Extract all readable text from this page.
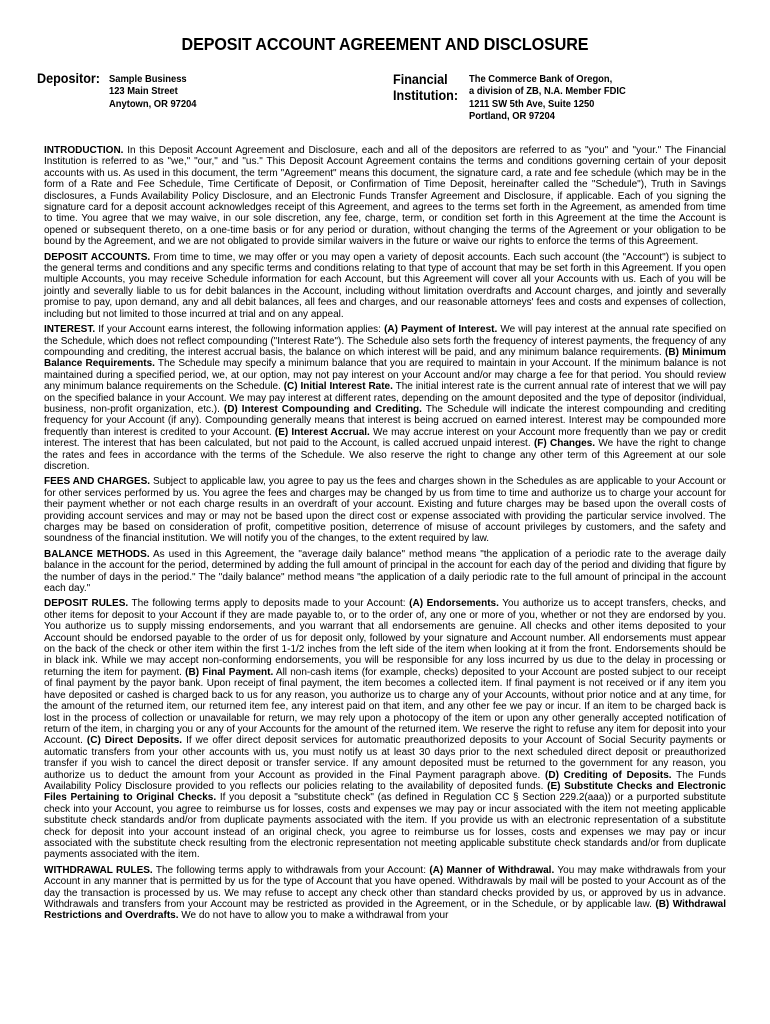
DEPOSIT ACCOUNT AGREEMENT AND DISCLOSURE
Depositor: Sample Business
123 Main Street
Anytown, OR 97204
Financial
Institution:
The Commerce Bank of Oregon,
a division of ZB, N.A. Member FDIC
1211 SW 5th Ave, Suite 1250
Portland, OR 97204

INTRODUCTION. In this Deposit Account Agreement and Disclosure, each and all of the depositors are referred to as "you" and "your." The Financial Institution is referred to as "we," "our," and "us." This Deposit Account Agreement contains the terms and conditions governing certain of your deposit accounts with us. As used in this document, the term "Agreement" means this document, the signature card, a rate and fee schedule (which may be in the form of a Rate and Fee Schedule, Time Certificate of Deposit, or Confirmation of Time Deposit, hereinafter called the "Schedule"), Truth in Savings disclosures, a Funds Availability Policy Disclosure, and an Electronic Funds Transfer Agreement and Disclosure, if applicable. Each of you signing the signature card for a deposit account acknowledges receipt of this Agreement, and agrees to the terms set forth in the Agreement, as amended from time to time. You agree that we may waive, in our sole discretion, any fee, charge, term, or condition set forth in this Agreement at the time the Account is opened or subsequent thereto, on a one-time basis or for any period or duration, without changing the terms of the Agreement or your obligation to be bound by the Agreement, and we are not obligated to provide similar waivers in the future or waive our rights to enforce the terms of this Agreement.

DEPOSIT ACCOUNTS. From time to time, we may offer or you may open a variety of deposit accounts. Each such account (the "Account") is subject to the general terms and conditions and any specific terms and conditions relating to that type of account that may be set forth in this Agreement. If you open multiple Accounts, you may receive Schedule information for each Account, but this Agreement will cover all your Accounts with us. Each of you will be jointly and severally liable to us for debit balances in the Account, including without limitation overdrafts and Account charges, and jointly and severally promise to pay, upon demand, any and all debit balances, all fees and charges, and our reasonable attorneys' fees and costs and expenses of collection, including but not limited to those incurred at trial and on any appeal.

INTEREST. If your Account earns interest, the following information applies: (A) Payment of Interest. We will pay interest at the annual rate specified on the Schedule, which does not reflect compounding ("Interest Rate"). The Schedule also sets forth the frequency of interest payments, the frequency of any compounding and crediting, the interest accrual basis, the balance on which interest will be paid, and any minimum balance requirements. (B) Minimum Balance Requirements. The Schedule may specify a minimum balance that you are required to maintain in your Account. If the minimum balance is not maintained during a specified period, we, at our option, may not pay interest on your Account and/or may charge a fee for that period. You should review any minimum balance requirements on the Schedule. (C) Initial Interest Rate. The initial interest rate is the current annual rate of interest that we will pay on the specified balance in your Account. We may pay interest at different rates, depending on the amount deposited and the type of depositor (individual, business, non-profit organization, etc.). (D) Interest Compounding and Crediting. The Schedule will indicate the interest compounding and crediting frequency for your Account (if any). Compounding generally means that interest is being accrued on earned interest. Interest may be compounded more frequently than interest is credited to your Account. (E) Interest Accrual. We may accrue interest on your Account more frequently than we pay or credit interest. The interest that has been calculated, but not paid to the Account, is called accrued unpaid interest. (F) Changes. We have the right to change the rates and fees in accordance with the terms of the Schedule. We also reserve the right to change any other term of this Agreement at our sole discretion.

FEES AND CHARGES. Subject to applicable law, you agree to pay us the fees and charges shown in the Schedules as are applicable to your Account or for other services performed by us. You agree the fees and charges may be changed by us from time to time and authorize us to charge your account for their payment whether or not each charge results in an overdraft of your account. Existing and future charges may be based upon the overall costs of providing account services and may or may not be based upon the direct cost or expense associated with providing the particular service involved. The charges may be based on consideration of profit, competitive position, deterrence of misuse of account privileges by customers, and the safety and soundness of the financial institution. We will notify you of the changes, to the extent required by law.

BALANCE METHODS. As used in this Agreement, the "average daily balance" method means "the application of a periodic rate to the average daily balance in the account for the period, determined by adding the full amount of principal in the account for each day of the period and dividing that figure by the number of days in the period." The "daily balance" method means "the application of a daily periodic rate to the full amount of principal in the account each day."

DEPOSIT RULES. The following terms apply to deposits made to your Account: (A) Endorsements. You authorize us to accept transfers, checks, and other items for deposit to your Account if they are made payable to, or to the order of, any one or more of you, whether or not they are endorsed by you. You authorize us to supply missing endorsements, and you warrant that all endorsements are genuine. All checks and other items deposited to your Account should be endorsed payable to the order of us for deposit only, followed by your signature and Account number. All endorsements must appear on the back of the check or other item within the first 1-1/2 inches from the left side of the item when looking at it from the front. Endorsements should be in black ink. While we may accept non-conforming endorsements, you will be responsible for any loss incurred by us due to the delay in processing or returning the item for payment. (B) Final Payment. All non-cash items (for example, checks) deposited to your Account are posted subject to our receipt of final payment by the payor bank. Upon receipt of final payment, the item becomes a collected item. If final payment is not received or if any item you have deposited or cashed is charged back to us for any reason, you authorize us to charge any of your Accounts, without prior notice and at any time, for the amount of the returned item, our returned item fee, any interest paid on that item, and any other fee we pay or incur. If an item to be charged back is lost in the process of collection or unavailable for return, we may rely upon a photocopy of the item or upon any other generally accepted notification of return of the item, in charging you or any of your Accounts for the amount of the returned item. We reserve the right to refuse any item for deposit into your Account. (C) Direct Deposits. If we offer direct deposit services for automatic preauthorized deposits to your Account of Social Security payments or automatic transfers from your other accounts with us, you must notify us at least 30 days prior to the next scheduled direct deposit or preauthorized transfer if you wish to cancel the direct deposit or transfer service. If any amount deposited must be returned to the government for any reason, you authorize us to deduct the amount from your Account as provided in the Final Payment paragraph above. (D) Crediting of Deposits. The Funds Availability Policy Disclosure provided to you reflects our policies relating to the availability of deposited funds. (E) Substitute Checks and Electronic Files Pertaining to Original Checks. If you deposit a "substitute check" (as defined in Regulation CC § Section 229.2(aaa)) or a purported substitute check into your Account, you agree to reimburse us for losses, costs and expenses we may pay or incur associated with the item not meeting applicable substitute check standards and/or from duplicate payments associated with the item. If you provide us with an electronic representation of a substitute check for deposit into your account instead of an original check, you agree to reimburse us for losses, costs and expenses we may pay or incur associated with the substitute check resulting from the electronic representation not meeting applicable substitute check standards and/or from duplicate payments associated with the item.

WITHDRAWAL RULES. The following terms apply to withdrawals from your Account: (A) Manner of Withdrawal. You may make withdrawals from your Account in any manner that is permitted by us for the type of Account that you have opened. Withdrawals by mail will be posted to your Account as of the day the transaction is processed by us. We may refuse to accept any check other than standard checks provided by us, or approved by us in advance. Withdrawals and transfers from your Account may be restricted as provided in the Agreement, or in the Schedule, or by applicable law. (B) Withdrawal Restrictions and Overdrafts. We do not have to allow you to make a withdrawal from your
